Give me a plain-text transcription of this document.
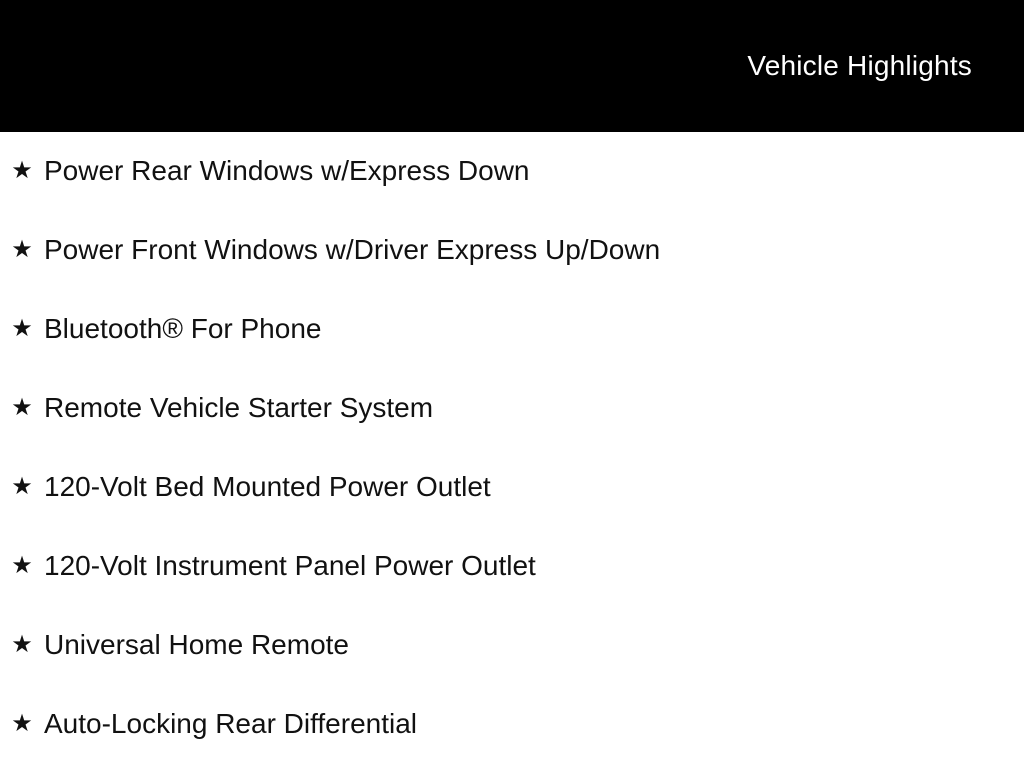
Vehicle Highlights
★ Power Rear Windows w/Express Down
★ Power Front Windows w/Driver Express Up/Down
★ Bluetooth® For Phone
★ Remote Vehicle Starter System
★ 120-Volt Bed Mounted Power Outlet
★ 120-Volt Instrument Panel Power Outlet
★ Universal Home Remote
★ Auto-Locking Rear Differential
